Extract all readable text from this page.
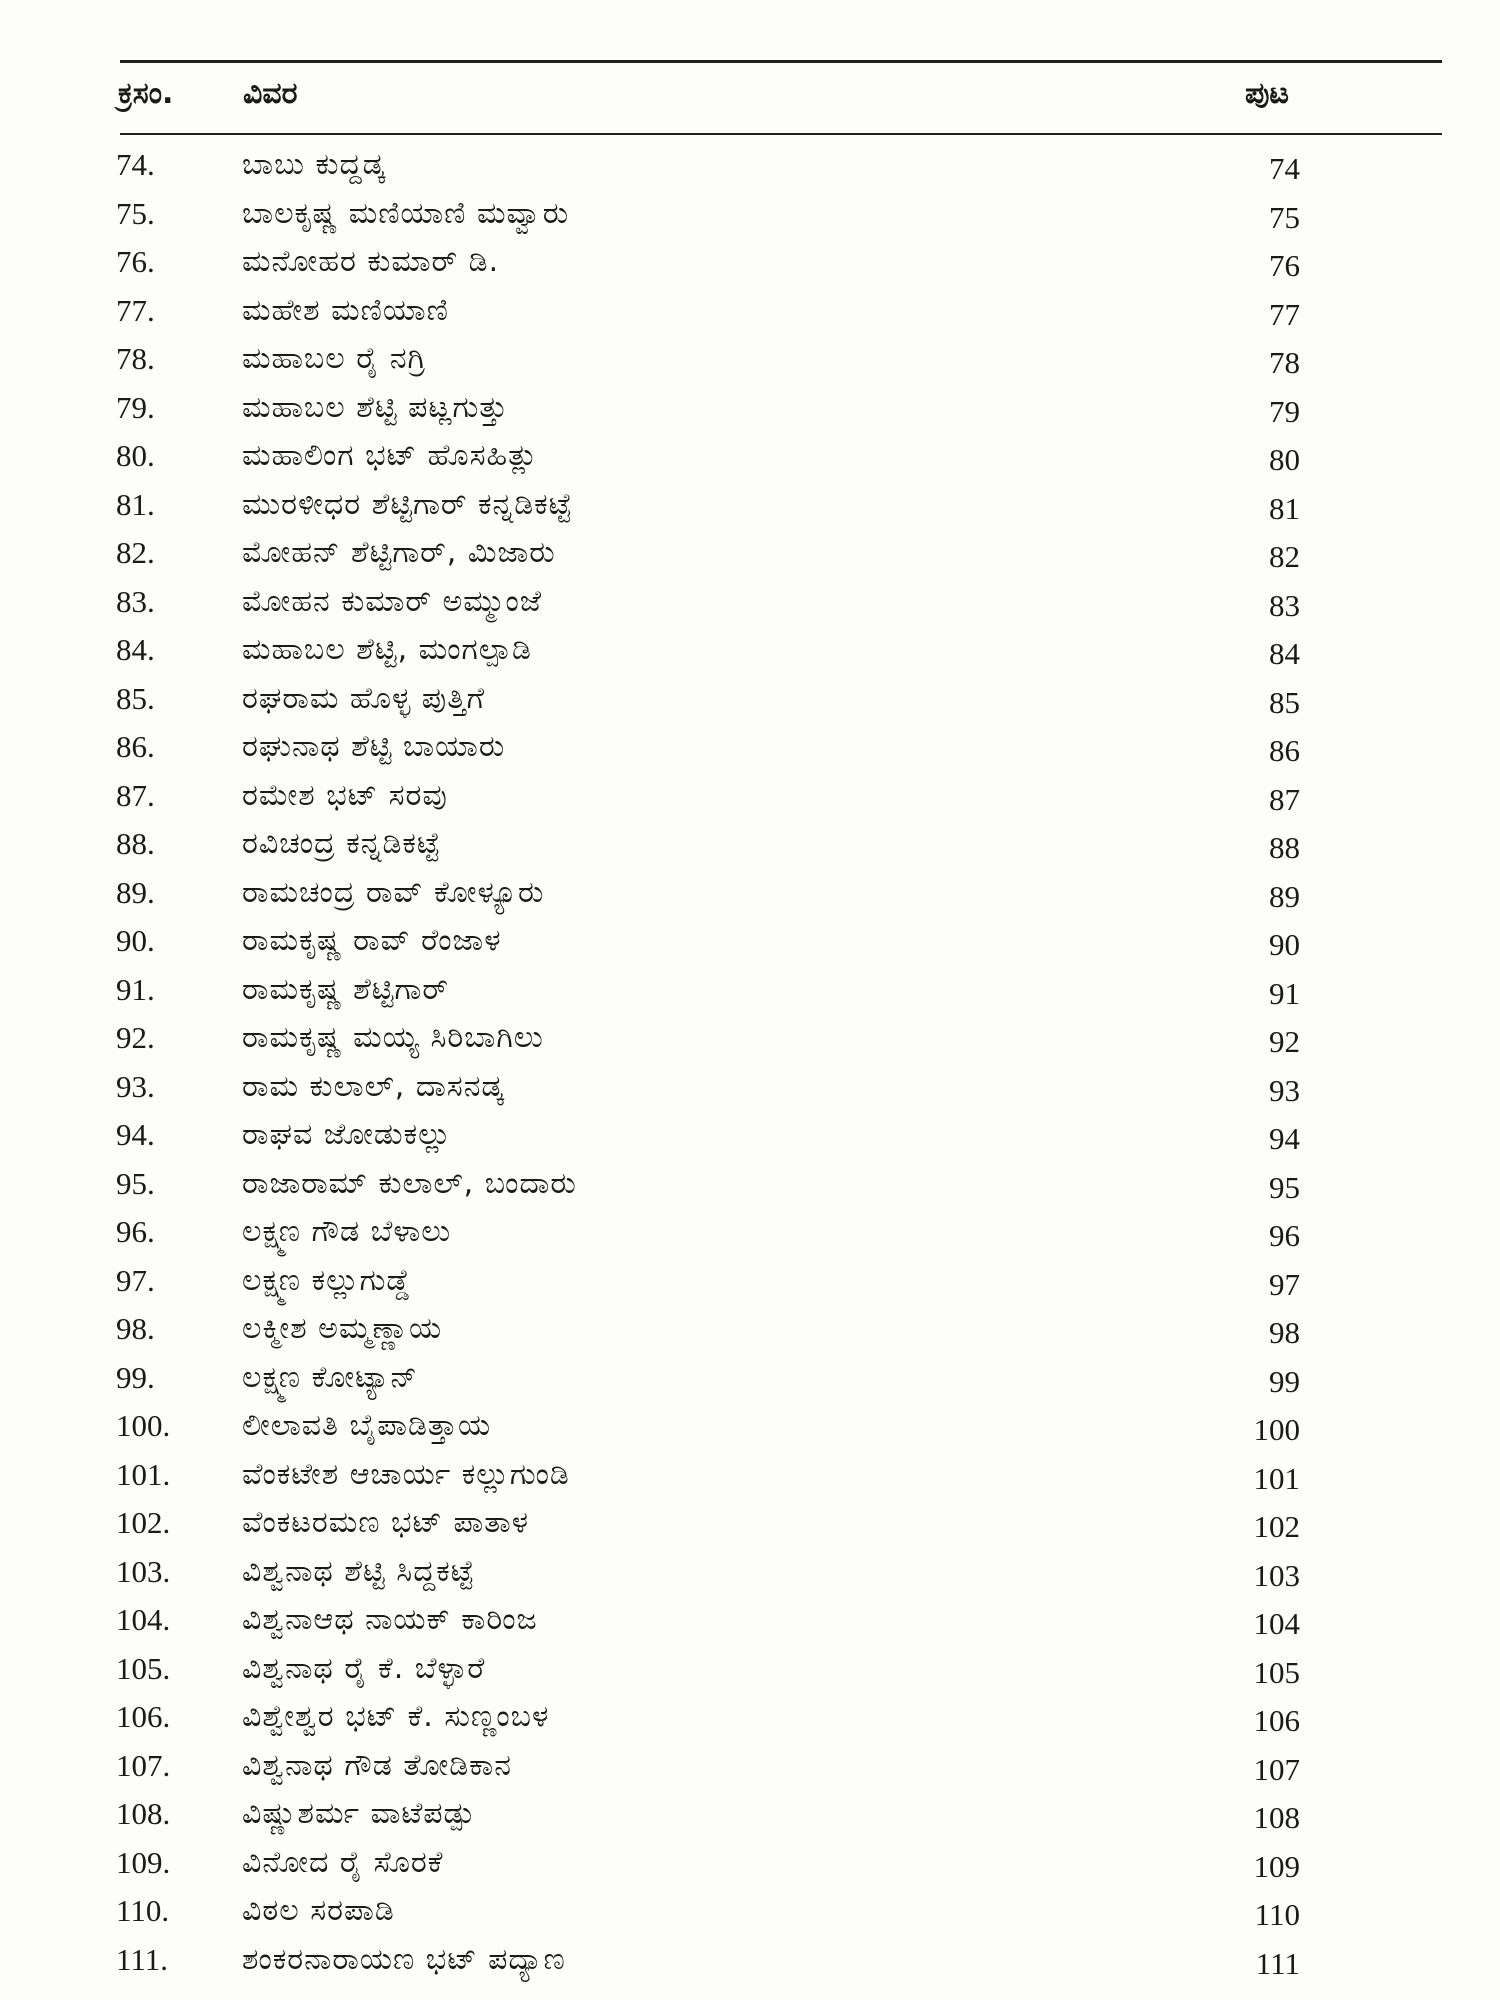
ಕ್ರಸಂ. ವಿವರ	ಪುಟ
74.	ಬಾಬು ಕುದ್ದಡ್ಕ	74
75.	ಬಾಲಕೃಷ್ಣ ಮಣಿಯಾಣಿ ಮವ್ವಾರು	75
76.	ಮನೋಹರ ಕುಮಾರ್ ಡಿ.	76
77.	ಮಹೇಶ ಮಣಿಯಾಣಿ	77
78.	ಮಹಾಬಲ ರೈ ನಗ್ರಿ	78
79.	ಮಹಾಬಲ ಶೆಟ್ಟಿ ಪಟ್ಲಗುತ್ತು	79
80.	ಮಹಾಲಿಂಗ ಭಟ್ ಹೊಸಹಿತ್ಲು	80
81.	ಮುರಳೀಧರ ಶೆಟ್ಟಿಗಾರ್ ಕನ್ನಡಿಕಟ್ಟೆ	81
82.	ಮೋಹನ್ ಶೆಟ್ಟಿಗಾರ್, ಮಿಜಾರು	82
83.	ಮೋಹನ ಕುಮಾರ್ ಅಮ್ಮುಂಜೆ	83
84.	ಮಹಾಬಲ ಶೆಟ್ಟಿ, ಮಂಗಲ್ಪಾಡಿ	84
85.	ರಘರಾಮ ಹೊಳ್ಳ ಪುತ್ತಿಗೆ	85
86.	ರಘುನಾಥ ಶೆಟ್ಟಿ ಬಾಯಾರು	86
87.	ರಮೇಶ ಭಟ್ ಸರವು	87
88.	ರವಿಚಂದ್ರ ಕನ್ನಡಿಕಟ್ಟೆ	88
89.	ರಾಮಚಂದ್ರ ರಾವ್ ಕೋಳ್ಯೂರು	89
90.	ರಾಮಕೃಷ್ಣ ರಾವ್ ರೆಂಜಾಳ	90
91.	ರಾಮಕೃಷ್ಣ ಶೆಟ್ಟಿಗಾರ್	91
92.	ರಾಮಕೃಷ್ಣ ಮಯ್ಯ ಸಿರಿಬಾಗಿಲು	92
93.	ರಾಮ ಕುಲಾಲ್, ದಾಸನಡ್ಕ	93
94.	ರಾಘವ ಜೋಡುಕಲ್ಲು	94
95.	ರಾಜಾರಾಮ್ ಕುಲಾಲ್, ಬಂದಾರು	95
96.	ಲಕ್ಷ್ಮಣ ಗೌಡ ಬೆಳಾಲು	96
97.	ಲಕ್ಷ್ಮಣ ಕಲ್ಲುಗುಡ್ಡೆ	97
98.	ಲಕ್ಮೀಶ ಅಮ್ಮಣ್ಣಾಯ	98
99.	ಲಕ್ಷ್ಮಣ ಕೋಟ್ಯಾನ್	99
100. ಲೀಲಾವತಿ ಬೈಪಾಡಿತ್ತಾಯ	100
101. ವೆಂಕಟೇಶ ಆಚಾರ್ಯ ಕಲ್ಲುಗುಂಡಿ	101
102. ವೆಂಕಟರಮಣ ಭಟ್ ಪಾತಾಳ	102
103. ವಿಶ್ವನಾಥ ಶೆಟ್ಟಿ ಸಿದ್ದಕಟ್ಟೆ	103
104. ವಿಶ್ವನಾಆಥ ನಾಯಕ್ ಕಾರಿಂಜ	104
105. ವಿಶ್ವನಾಥ ರೈ ಕೆ. ಬೆಳ್ಳಾರೆ	105
106. ವಿಶ್ವೇಶ್ವರ ಭಟ್ ಕೆ. ಸುಣ್ಣಂಬಳ	106
107. ವಿಶ್ವನಾಥ ಗೌಡ ತೋಡಿಕಾನ	107
108. ವಿಷ್ಣುಶರ್ಮ ವಾಟೆಪಡ್ಪು	108
109. ವಿನೋದ ರೈ ಸೊರಕೆ	109
110. ವಿಠಲ ಸರಪಾಡಿ	110
111. ಶಂಕರನಾರಾಯಣ ಭಟ್ ಪದ್ಯಾಣ	111
